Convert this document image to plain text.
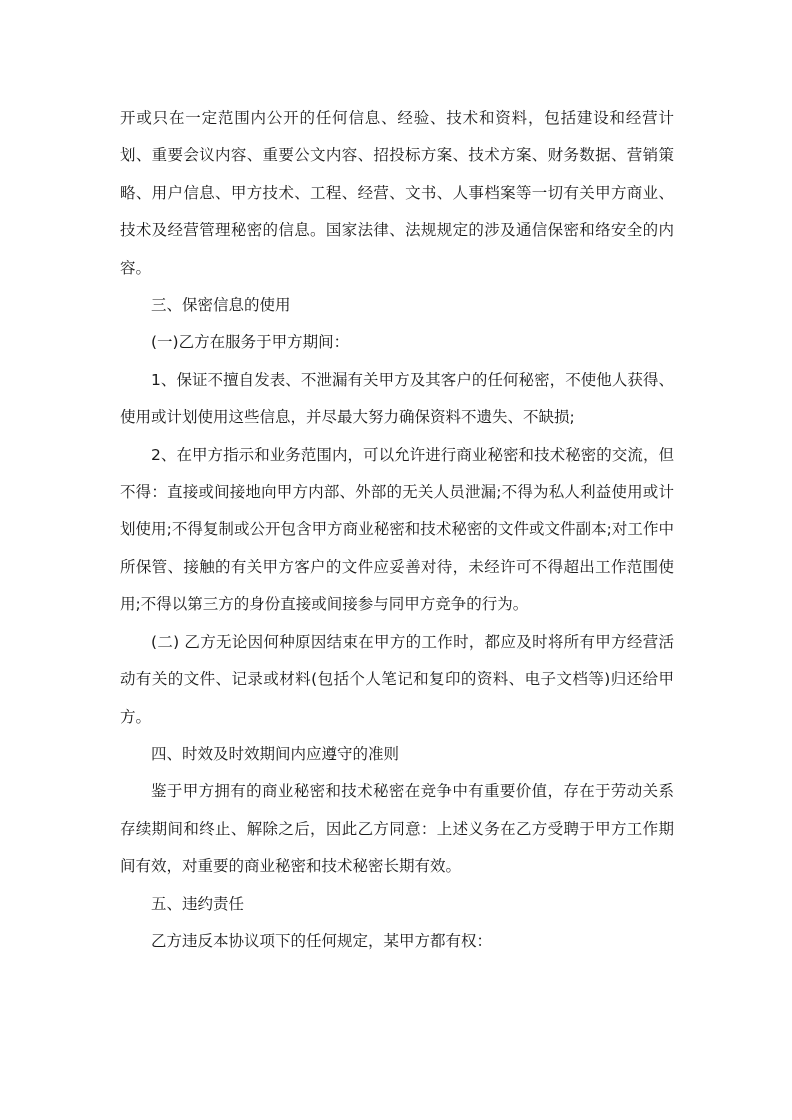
开或只在一定范围内公开的任何信息、经验、技术和资料，包括建设和经营计划、重要会议内容、重要公文内容、招投标方案、技术方案、财务数据、营销策略、用户信息、甲方技术、工程、经营、文书、人事档案等一切有关甲方商业、技术及经营管理秘密的信息。国家法律、法规规定的涉及通信保密和络安全的内容。

三、保密信息的使用

(一)乙方在服务于甲方期间：

1、保证不擅自发表、不泄漏有关甲方及其客户的任何秘密，不使他人获得、使用或计划使用这些信息，并尽最大努力确保资料不遗失、不缺损;

2、在甲方指示和业务范围内，可以允许进行商业秘密和技术秘密的交流，但不得：直接或间接地向甲方内部、外部的无关人员泄漏;不得为私人利益使用或计划使用;不得复制或公开包含甲方商业秘密和技术秘密的文件或文件副本;对工作中所保管、接触的有关甲方客户的文件应妥善对待，未经许可不得超出工作范围使用;不得以第三方的身份直接或间接参与同甲方竞争的行为。

(二) 乙方无论因何种原因结束在甲方的工作时，都应及时将所有甲方经营活动有关的文件、记录或材料(包括个人笔记和复印的资料、电子文档等)归还给甲方。

四、时效及时效期间内应遵守的准则

鉴于甲方拥有的商业秘密和技术秘密在竞争中有重要价值，存在于劳动关系存续期间和终止、解除之后，因此乙方同意：上述义务在乙方受聘于甲方工作期间有效，对重要的商业秘密和技术秘密长期有效。

五、违约责任

乙方违反本协议项下的任何规定，某甲方都有权：
